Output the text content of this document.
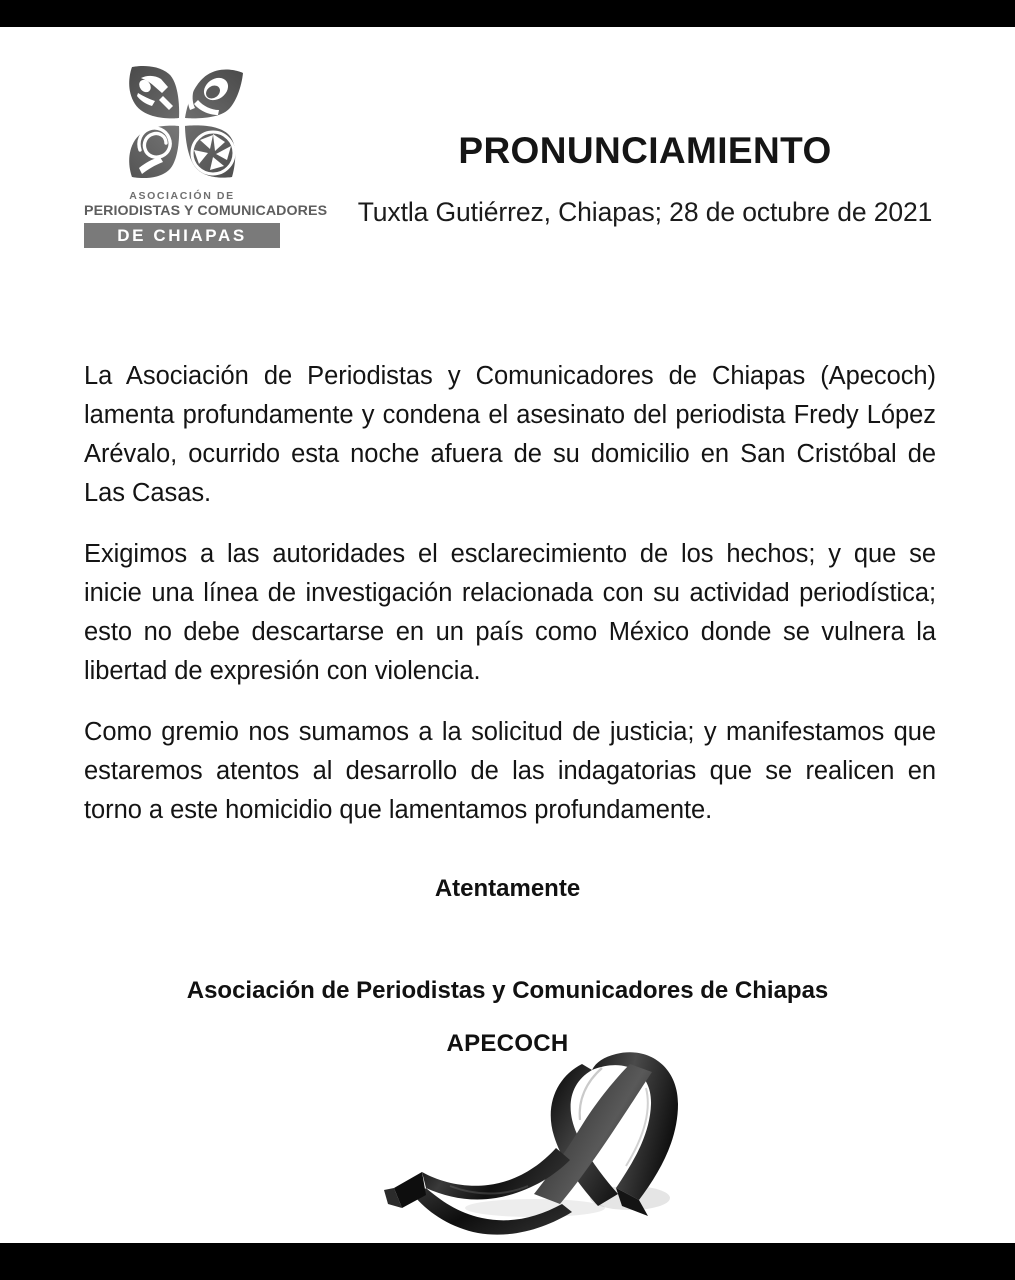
ASOCIACIÓN DE
PERIODISTAS Y COMUNICADORES
DE CHIAPAS
PRONUNCIAMIENTO
Tuxtla Gutiérrez, Chiapas; 28 de octubre de 2021

La Asociación de Periodistas y Comunicadores de Chiapas (Apecoch) lamenta profundamente y condena el asesinato del periodista Fredy López Arévalo, ocurrido esta noche afuera de su domicilio en San Cristóbal de Las Casas.

Exigimos a las autoridades el esclarecimiento de los hechos; y que se inicie una línea de investigación relacionada con su actividad periodística; esto no debe descartarse en un país como México donde se vulnera la libertad de expresión con violencia.

Como gremio nos sumamos a la solicitud de justicia; y manifestamos que estaremos atentos al desarrollo de las indagatorias que se realicen en torno a este homicidio que lamentamos profundamente.

Atentamente
Asociación de Periodistas y Comunicadores de Chiapas
APECOCH
